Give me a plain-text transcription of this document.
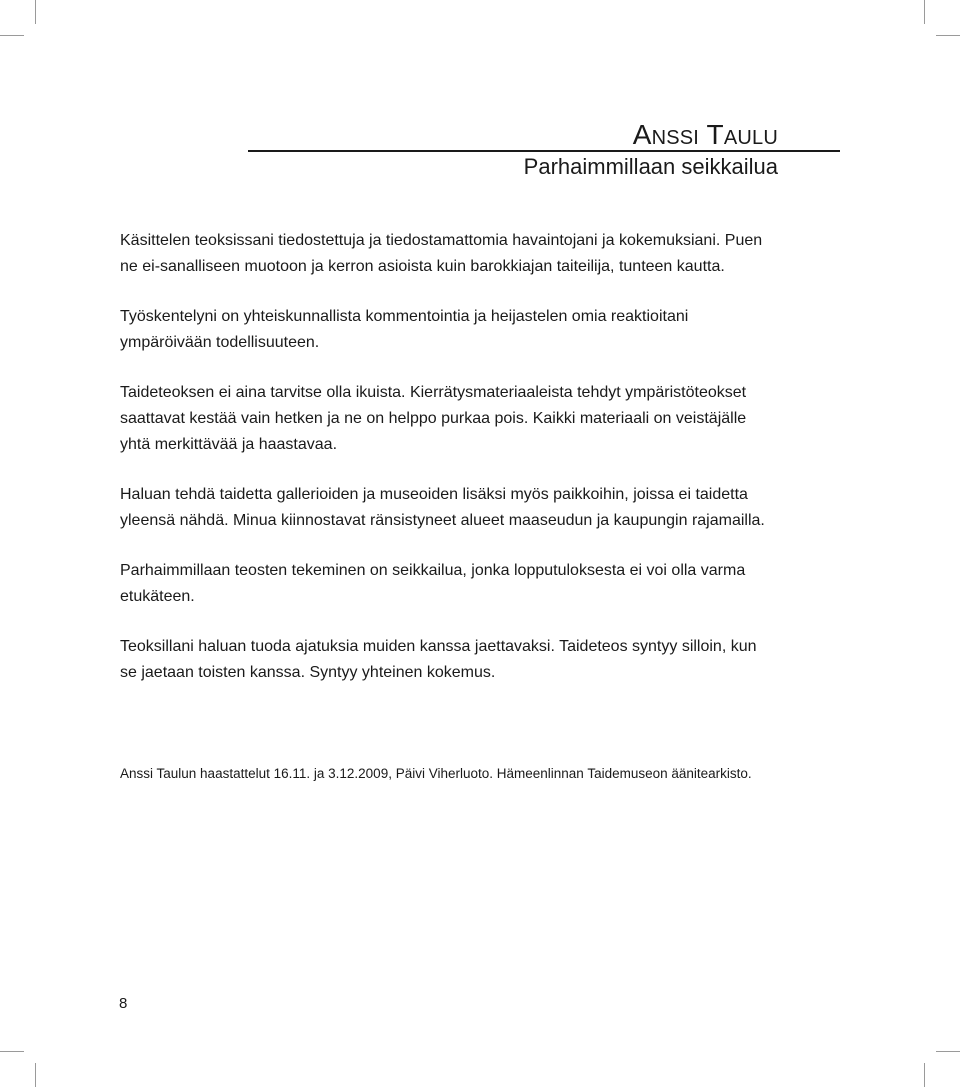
Anssi Taulu
Parhaimmillaan seikkailua

Käsittelen teoksissani tiedostettuja ja tiedostamattomia havaintojani ja kokemuksiani. Puen ne ei-sanalliseen muotoon ja kerron asioista kuin barokkiajan taiteilija, tunteen kautta.

Työskentelyni on yhteiskunnallista kommentointia ja heijastelen omia reaktioitani ympäröivään todellisuuteen.

Taideteoksen ei aina tarvitse olla ikuista. Kierrätysmateriaaleista tehdyt ympäristöteokset saattavat kestää vain hetken ja ne on helppo purkaa pois. Kaikki materiaali on veistäjälle yhtä merkittävää ja haastavaa.

Haluan tehdä taidetta gallerioiden ja museoiden lisäksi myös paikkoihin, joissa ei taidetta yleensä nähdä. Minua kiinnostavat ränsistyneet alueet maaseudun ja kaupungin rajamailla.

Parhaimmillaan teosten tekeminen on seikkailua, jonka lopputuloksesta ei voi olla varma etukäteen.

Teoksillani haluan tuoda ajatuksia muiden kanssa jaettavaksi. Taideteos syntyy silloin, kun se jaetaan toisten kanssa. Syntyy yhteinen kokemus.

Anssi Taulun haastattelut 16.11. ja 3.12.2009, Päivi Viherluoto. Hämeenlinnan Taidemuseon äänitearkisto.
8
